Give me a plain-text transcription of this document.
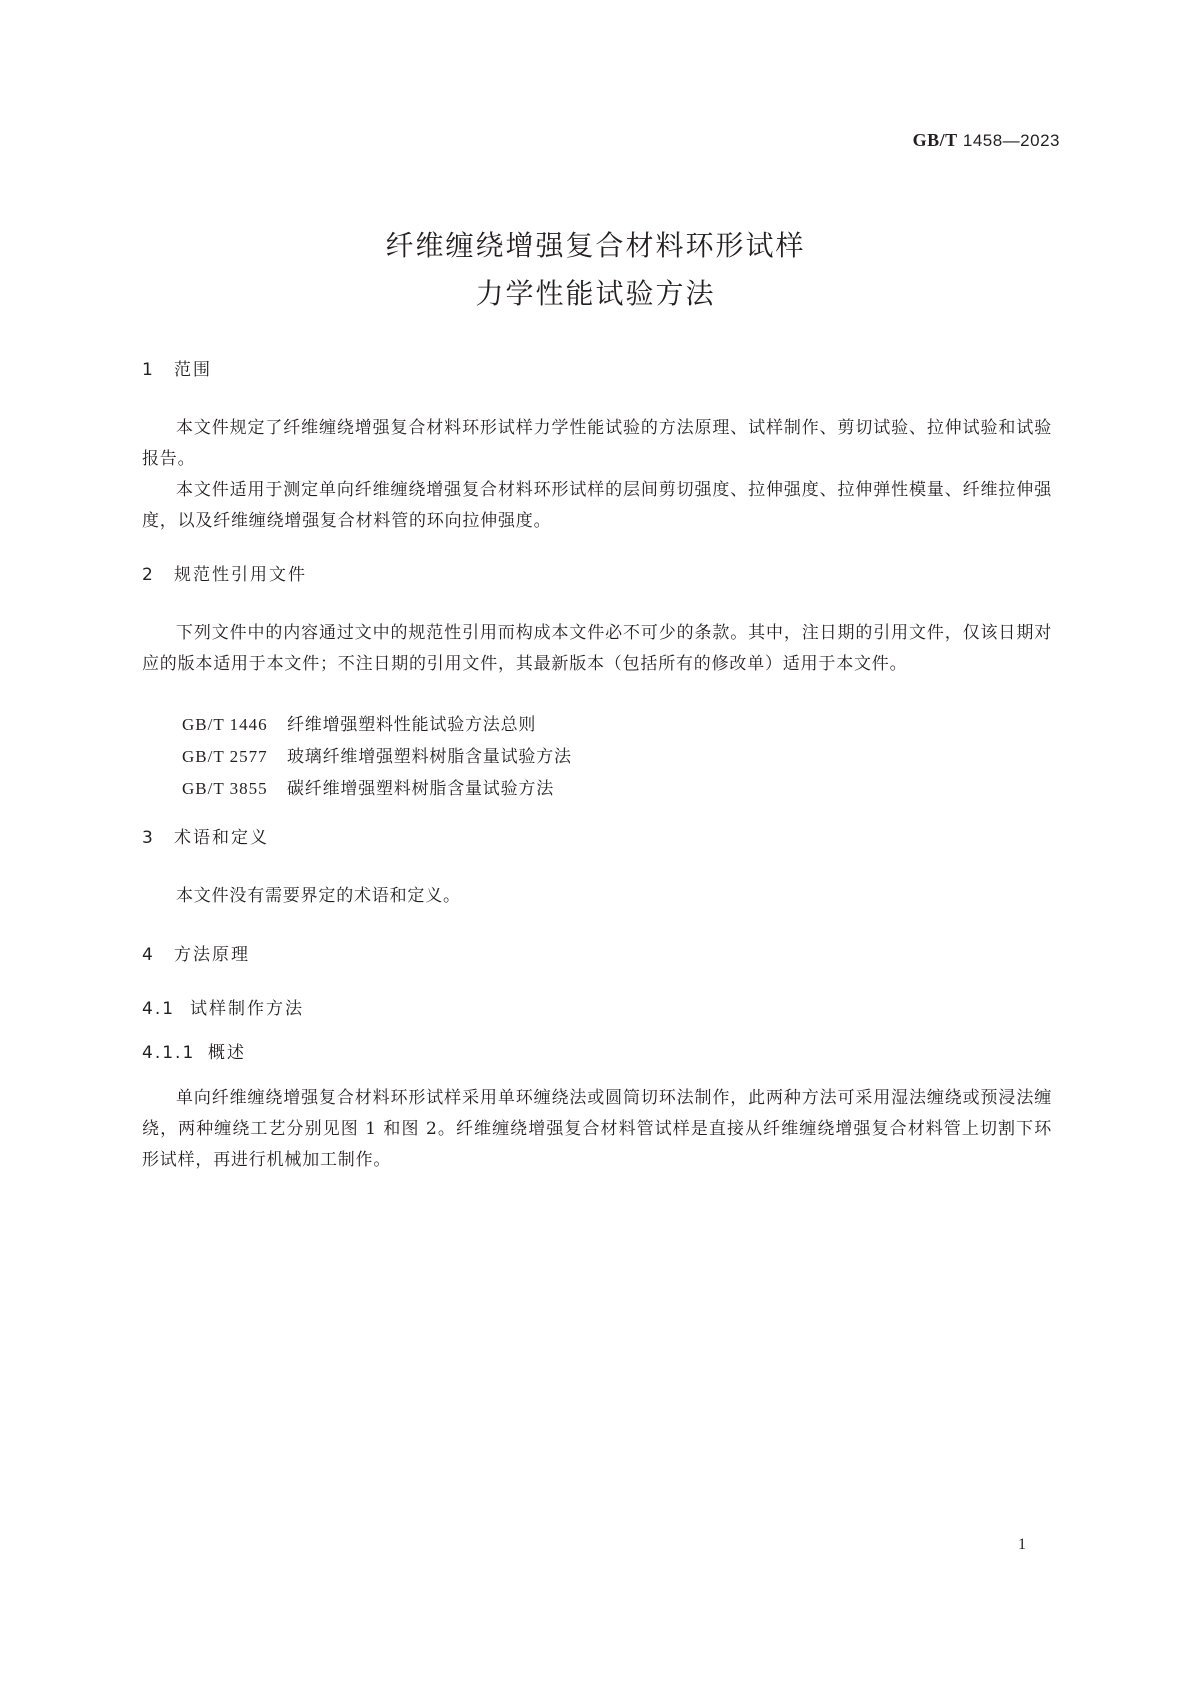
GB/T 1458—2023
纤维缠绕增强复合材料环形试样
力学性能试验方法
1 范围

本文件规定了纤维缠绕增强复合材料环形试样力学性能试验的方法原理、试样制作、剪切试验、拉伸试验和试验报告。

本文件适用于测定单向纤维缠绕增强复合材料环形试样的层间剪切强度、拉伸强度、拉伸弹性模量、纤维拉伸强度，以及纤维缠绕增强复合材料管的环向拉伸强度。

2 规范性引用文件

下列文件中的内容通过文中的规范性引用而构成本文件必不可少的条款。其中，注日期的引用文件，仅该日期对应的版本适用于本文件；不注日期的引用文件，其最新版本（包括所有的修改单）适用于本文件。

GB/T 1446 纤维增强塑料性能试验方法总则
GB/T 2577 玻璃纤维增强塑料树脂含量试验方法
GB/T 3855 碳纤维增强塑料树脂含量试验方法
3 术语和定义

本文件没有需要界定的术语和定义。

4 方法原理
4.1 试样制作方法
4.1.1 概述

单向纤维缠绕增强复合材料环形试样采用单环缠绕法或圆筒切环法制作，此两种方法可采用湿法缠绕或预浸法缠绕，两种缠绕工艺分别见图 1 和图 2。纤维缠绕增强复合材料管试样是直接从纤维缠绕增强复合材料管上切割下环形试样，再进行机械加工制作。

1
